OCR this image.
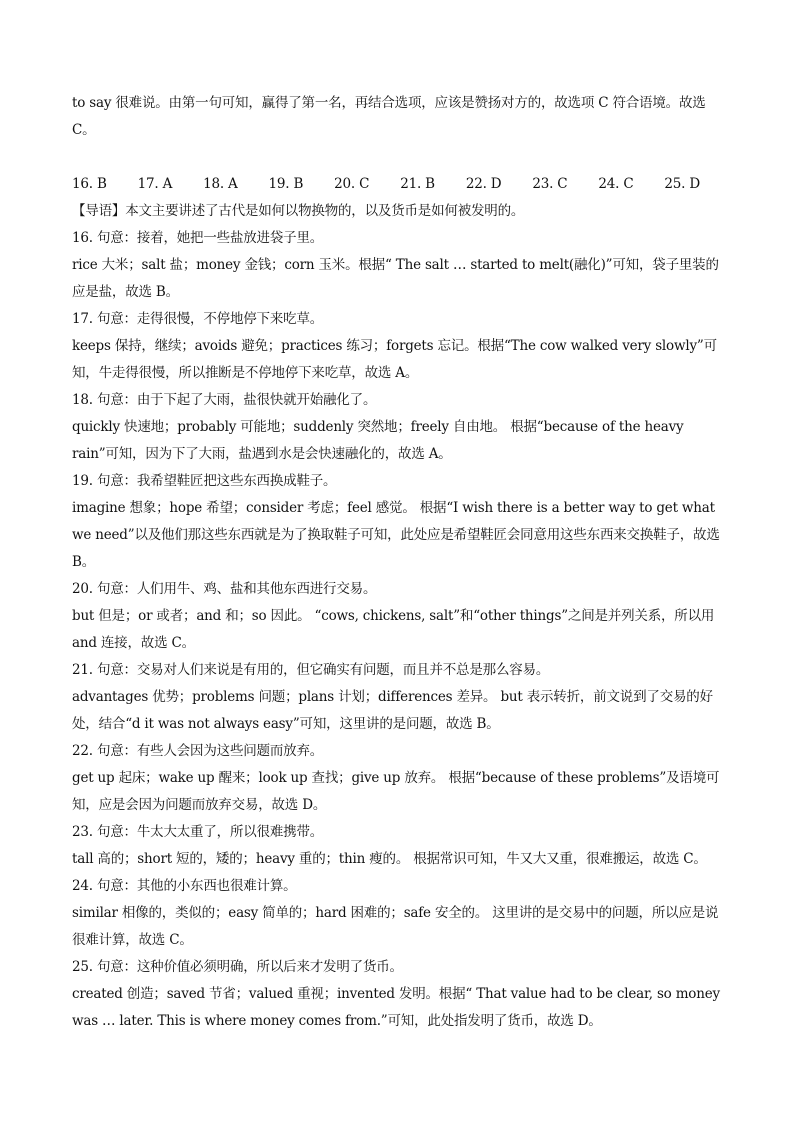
to say 很难说。由第一句可知，赢得了第一名，再结合选项，应该是赞扬对方的，故选项 C 符合语境。故选 C。

16. B 17. A 18. A 19. B 20. C 21. B 22. D 23. C 24. C 25. D

【导语】本文主要讲述了古代是如何以物换物的，以及货币是如何被发明的。

16. 句意：接着，她把一些盐放进袋子里。

rice 大米；salt 盐；money 金钱；corn 玉米。根据“ The salt … started to melt(融化)”可知，袋子里装的应是盐，故选 B。

17. 句意：走得很慢，不停地停下来吃草。

keeps 保持，继续；avoids 避免；practices 练习；forgets 忘记。根据“The cow walked very slowly”可知，牛走得很慢，所以推断是不停地停下来吃草，故选 A。

18. 句意：由于下起了大雨，盐很快就开始融化了。

quickly 快速地；probably 可能地；suddenly 突然地；freely 自由地。 根据“because of the heavy rain”可知，因为下了大雨，盐遇到水是会快速融化的，故选 A。

19. 句意：我希望鞋匠把这些东西换成鞋子。

imagine 想象；hope 希望；consider 考虑；feel 感觉。 根据“I wish there is a better way to get what we need”以及他们那这些东西就是为了换取鞋子可知，此处应是希望鞋匠会同意用这些东西来交换鞋子，故选 B。

20. 句意：人们用牛、鸡、盐和其他东西进行交易。

but 但是；or 或者；and 和；so 因此。 “cows, chickens, salt”和“other things”之间是并列关系，所以用 and 连接，故选 C。

21. 句意：交易对人们来说是有用的，但它确实有问题，而且并不总是那么容易。

advantages 优势；problems 问题；plans 计划；differences 差异。 but 表示转折，前文说到了交易的好处，结合“d it was not always easy”可知，这里讲的是问题，故选 B。

22. 句意：有些人会因为这些问题而放弃。

get up 起床；wake up 醒来；look up 查找；give up 放弃。 根据“because of these problems”及语境可知，应是会因为问题而放弃交易，故选 D。

23. 句意：牛太大太重了，所以很难携带。

tall 高的；short 短的，矮的；heavy 重的；thin 瘦的。 根据常识可知，牛又大又重，很难搬运，故选 C。

24. 句意：其他的小东西也很难计算。

similar 相像的，类似的；easy 简单的；hard 困难的；safe 安全的。 这里讲的是交易中的问题，所以应是说很难计算，故选 C。

25. 句意：这种价值必须明确，所以后来才发明了货币。

created 创造；saved 节省；valued 重视；invented 发明。根据“ That value had to be clear, so money was … later. This is where money comes from.”可知，此处指发明了货币，故选 D。
